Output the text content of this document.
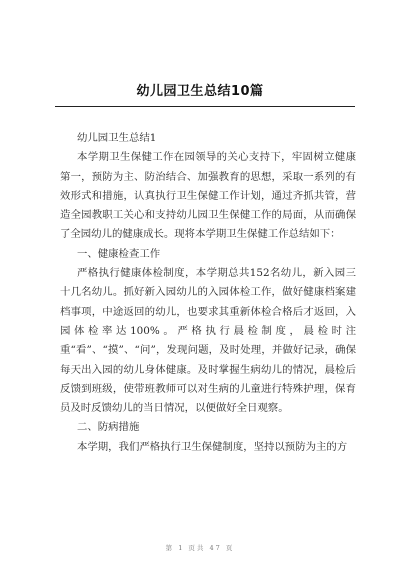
幼儿园卫生总结10篇

幼儿园卫生总结1

本学期卫生保健工作在园领导的关心支持下，牢固树立健康第一，预防为主、防治结合、加强教育的思想，采取一系列的有效形式和措施，认真执行卫生保健工作计划，通过齐抓共管，营造全园教职工关心和支持幼儿园卫生保健工作的局面，从而确保了全园幼儿的健康成长。现将本学期卫生保健工作总结如下：

一、健康检查工作

严格执行健康体检制度，本学期总共152名幼儿，新入园三十几名幼儿。抓好新入园幼儿的入园体检工作，做好健康档案建档事项，中途返回的幼儿，也要求其重新体检合格后才返回，入园体检率达100%。严格执行晨检制度，晨检时注重“看”、“摸”、“问”，发现问题，及时处理，并做好记录，确保每天出入园的幼儿身体健康。及时掌握生病幼儿的情况，晨检后反馈到班级，使带班教师可以对生病的儿童进行特殊护理，保育员及时反馈幼儿的当日情况，以便做好全日观察。

二、防病措施

本学期，我们严格执行卫生保健制度，坚持以预防为主的方

第 1 页共 47 页
